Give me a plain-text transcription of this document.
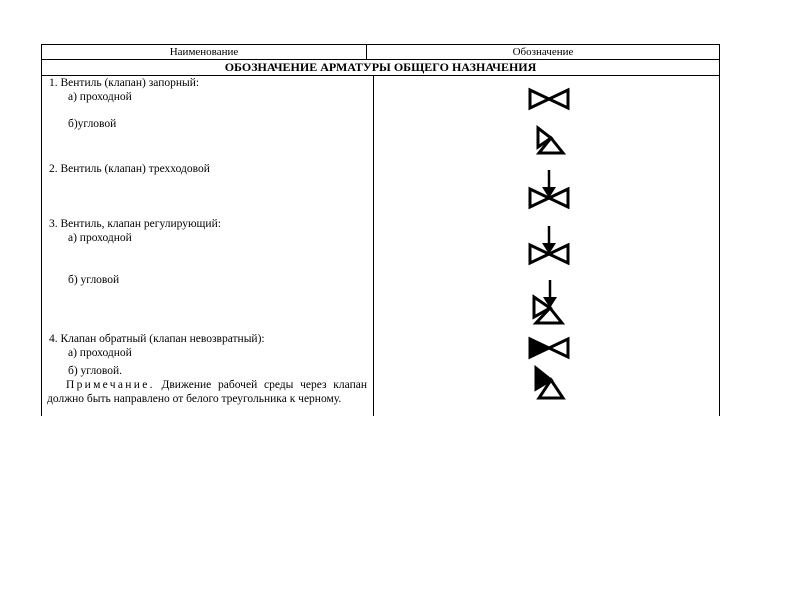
Наименование	Обозначение
ОБОЗНАЧЕНИЕ АРМАТУРЫ ОБЩЕГО НАЗНАЧЕНИЯ
1. Вентиль (клапан) запорный:
а) проходной
б)угловой
2. Вентиль (клапан) трехходовой
3. Вентиль, клапан регулирующий:
а) проходной
б) угловой
4. Клапан обратный (клапан невозвратный):
а) проходной
б) угловой.
Примечание. Движение рабочей среды через клапан должно быть направлено от белого треугольника к черному.
